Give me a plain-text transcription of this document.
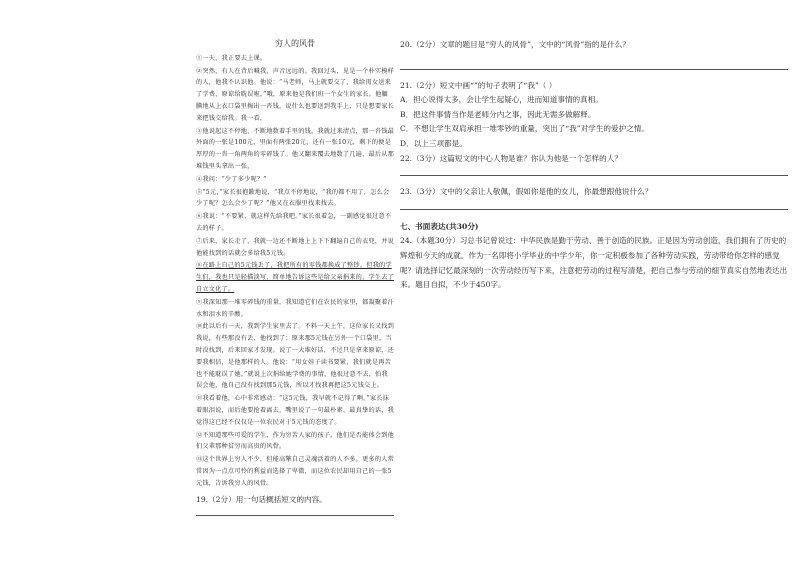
穷人的风骨

①一天，我正要去上课。

②突然，有人在背后喊我，声音远远的。我回过头，见是一个朴实模样的人，他我不认识他。他说：“马老师，马上就要交了，我给闺女送来了学费，原谅给耽误啦。”哦，原来他是我们班一个女生的家长。他腼腆地从上衣口袋里掏出一沓钱，说什么也要送到我手上，只是想要家长来把钱交给我。我一看，

③他说起这不停地，不断地数着手里的钱。我就过来清点，那一沓钱最外面的一张是100元，里面有两张20元，还有一张10元，剩下的便是厚厚的一沓一角两角的零碎钱了。他又翻来覆去地数了几遍，最后从那堆钱里头拿出一张，

④我问：“少了多少呢？”

⑤“5元，”家长很抱歉地说，“我点不停地说，“我的都不用了，怎么会少了呢？怎么会少了呢？”他又在衣服里找来找去。

⑥我说：“不要紧，就这样先给我吧。”家长很着急，一副感觉很过意不去的样子。

⑦后来，家长走了，我就一边还不断地上上下下翻遍自己的衣兜，并说他能找到的话就会多给我5元钱。

⑧在路上自己的5元钱丢了，我把所有的零钱都换成了整钞。但我的学生们，我也只是轻描淡写，简单地告诉这些是给父亲捐来的，学生去了自立文化了。

⑨我深知那一堆零碎钱的重量，我知道它们在农民的家里，都凝聚着汗水和泪水的辛酸。

⑩此以后有一天，我到学生家里去了。不料一天上午，这位家长又找到我说，有些那没有丢，他找到了；原来那5元钱在另外一个口袋里，当时没找到，后来回家才发现。说了一大堆好话，不过只是拿来原谅，还要我相信，是他那样的人。他说：“用女娃子读书要紧，我们就是再苦也不能耽误了她。”就说上次捐给她学费的事情，他很过意不去，怕我误会他，他自己没有找到那5元钱，所以才找我再把这5元钱交上。

⑪我看着他，心中非常感动：“这5元钱，我早就不记得了啊。”家长抹着眼泪说，而后他要抢着离去，嘴里说了一句最朴素、最真挚的话，我觉得这已经不仅仅是一位农民对于5元钱的态度了。

⑫不知道那些可爱的学生，作为穷苦人家的孩子，他们是否能体会到他们父辈那种贫穷而高贵的风骨。

⑬这个世界上穷人不少，但能高擎自己灵魂活着的人不多。更多的人常常因为一点点可怜的利益而选择了卑微，而这位农民却用自己的一张5元钱，告诉我穷人的风骨。

19.（2分）用一句话概括短文的内容。

20.（2分）文章的题目是“穷人的风骨”，文中的“风骨”指的是什么？

21.（2分）短文中画“”的句子表明了“我”（ ）

A．担心说得太多，会让学生起疑心，进而知道事情的真相。

B．把这件事情当作是老师分内之事，因此无需多做解释。

C．不想让学生双肩承担一堆零钞的重量，突出了“我”对学生的爱护之情。

D．以上三项都是。

22.（3分）这篇短文的中心人物是谁？你认为他是一个怎样的人？

23.（3分）文中的父亲让人敬佩，假如你是他的女儿，你最想跟他说什么？

七、书面表达(共30分)

24.（本题30分）习总书记曾说过：中华民族是勤于劳动、善于创造的民族。正是因为劳动创造，我们拥有了历史的辉煌和今天的成就。作为一名即将小学毕业的中学少年，你一定积极参加了各种劳动实践，劳动带给你怎样的感觉呢？请选择记忆最深刻的一次劳动经历写下来，注意把劳动的过程写清楚，把自己参与劳动的细节真实自然地表达出来。题目自拟，不少于450字。
